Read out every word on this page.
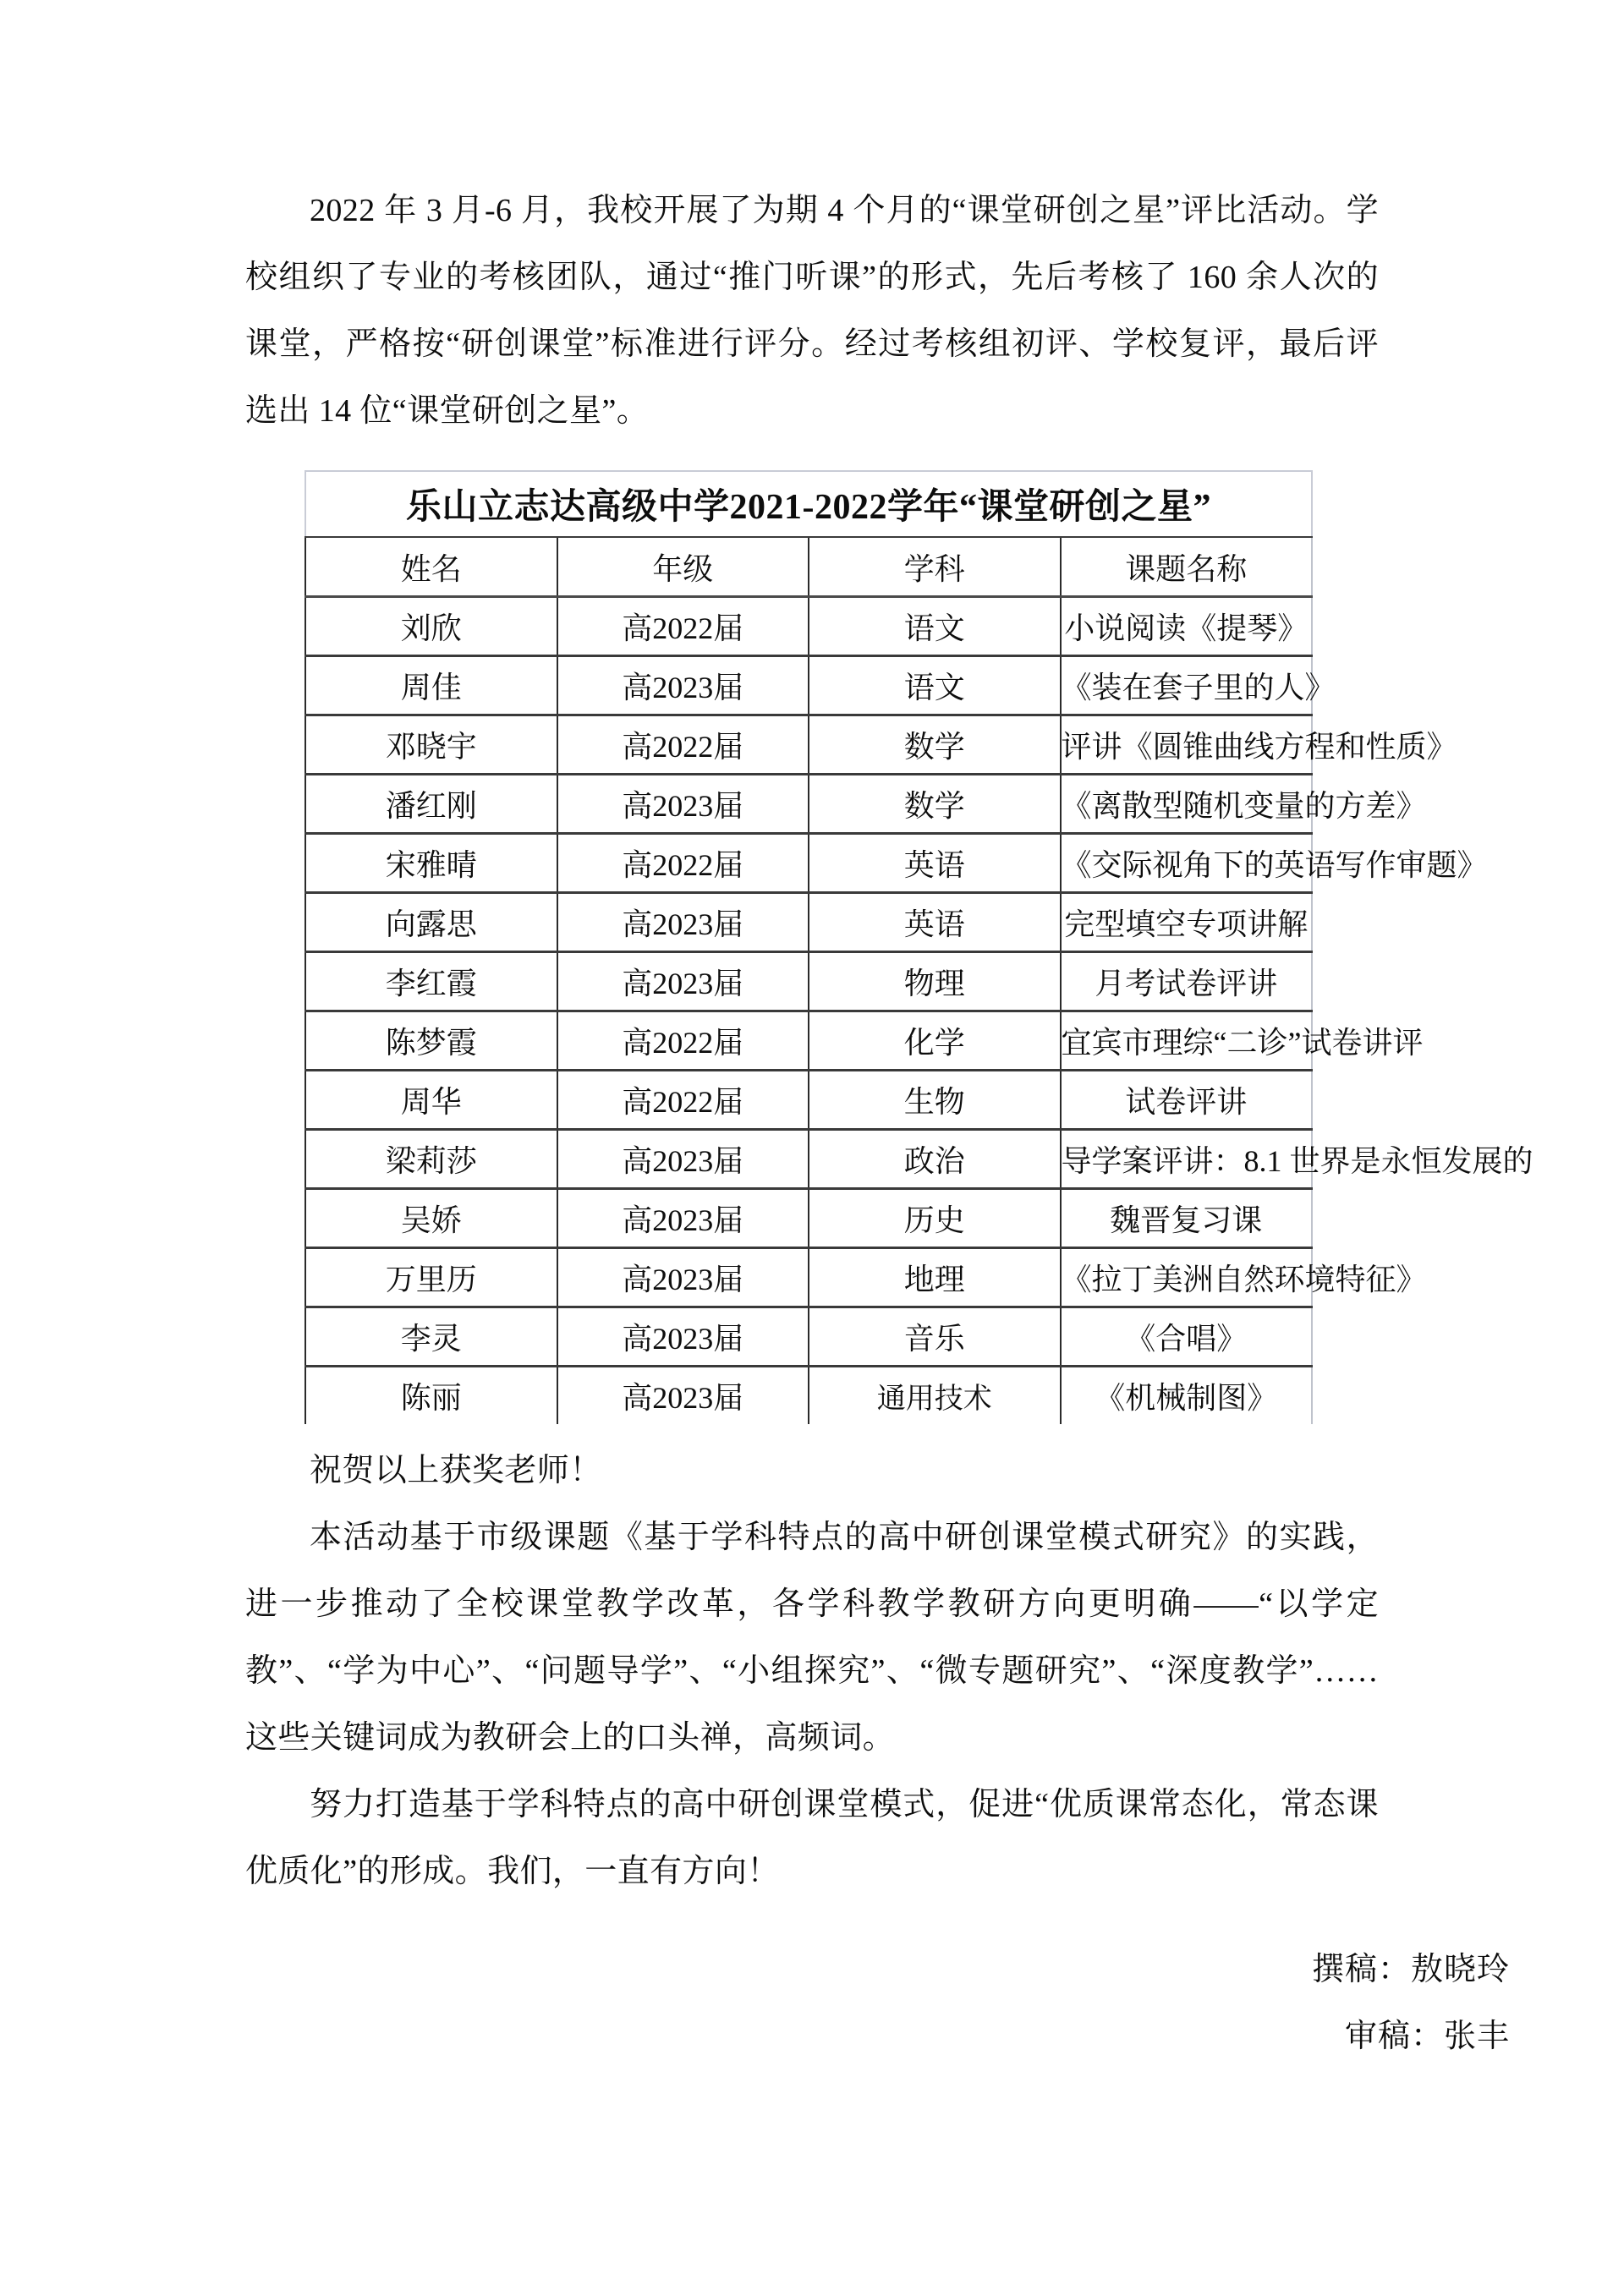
2022 年 3 月-6 月，我校开展了为期 4 个月的“课堂研创之星”评比活动。学校组织了专业的考核团队，通过“推门听课”的形式，先后考核了 160 余人次的课堂，严格按“研创课堂”标准进行评分。经过考核组初评、学校复评，最后评选出 14 位“课堂研创之星”。

乐山立志达高级中学2021-2022学年“课堂研创之星”			
姓名	年级	学科	课题名称
刘欣	高2022届	语文	小说阅读《提琴》
周佳	高2023届	语文	《装在套子里的人》
邓晓宇	高2022届	数学	评讲《圆锥曲线方程和性质》
潘红刚	高2023届	数学	《离散型随机变量的方差》
宋雅晴	高2022届	英语	《交际视角下的英语写作审题》
向露思	高2023届	英语	完型填空专项讲解
李红霞	高2023届	物理	月考试卷评讲
陈梦霞	高2022届	化学	宜宾市理综“二诊”试卷讲评
周华	高2022届	生物	试卷评讲
梁莉莎	高2023届	政治	导学案评讲：8.1 世界是永恒发展的
吴娇	高2023届	历史	魏晋复习课
万里历	高2023届	地理	《拉丁美洲自然环境特征》
李灵	高2023届	音乐	《合唱》
陈丽	高2023届	通用技术	《机械制图》

祝贺以上获奖老师！

本活动基于市级课题《基于学科特点的高中研创课堂模式研究》的实践，进一步推动了全校课堂教学改革，各学科教学教研方向更明确——“以学定教”、“学为中心”、“问题导学”、“小组探究”、“微专题研究”、“深度教学”……这些关键词成为教研会上的口头禅，高频词。

努力打造基于学科特点的高中研创课堂模式，促进“优质课常态化，常态课优质化”的形成。我们，一直有方向！

撰稿：敖晓玲
审稿：张丰
